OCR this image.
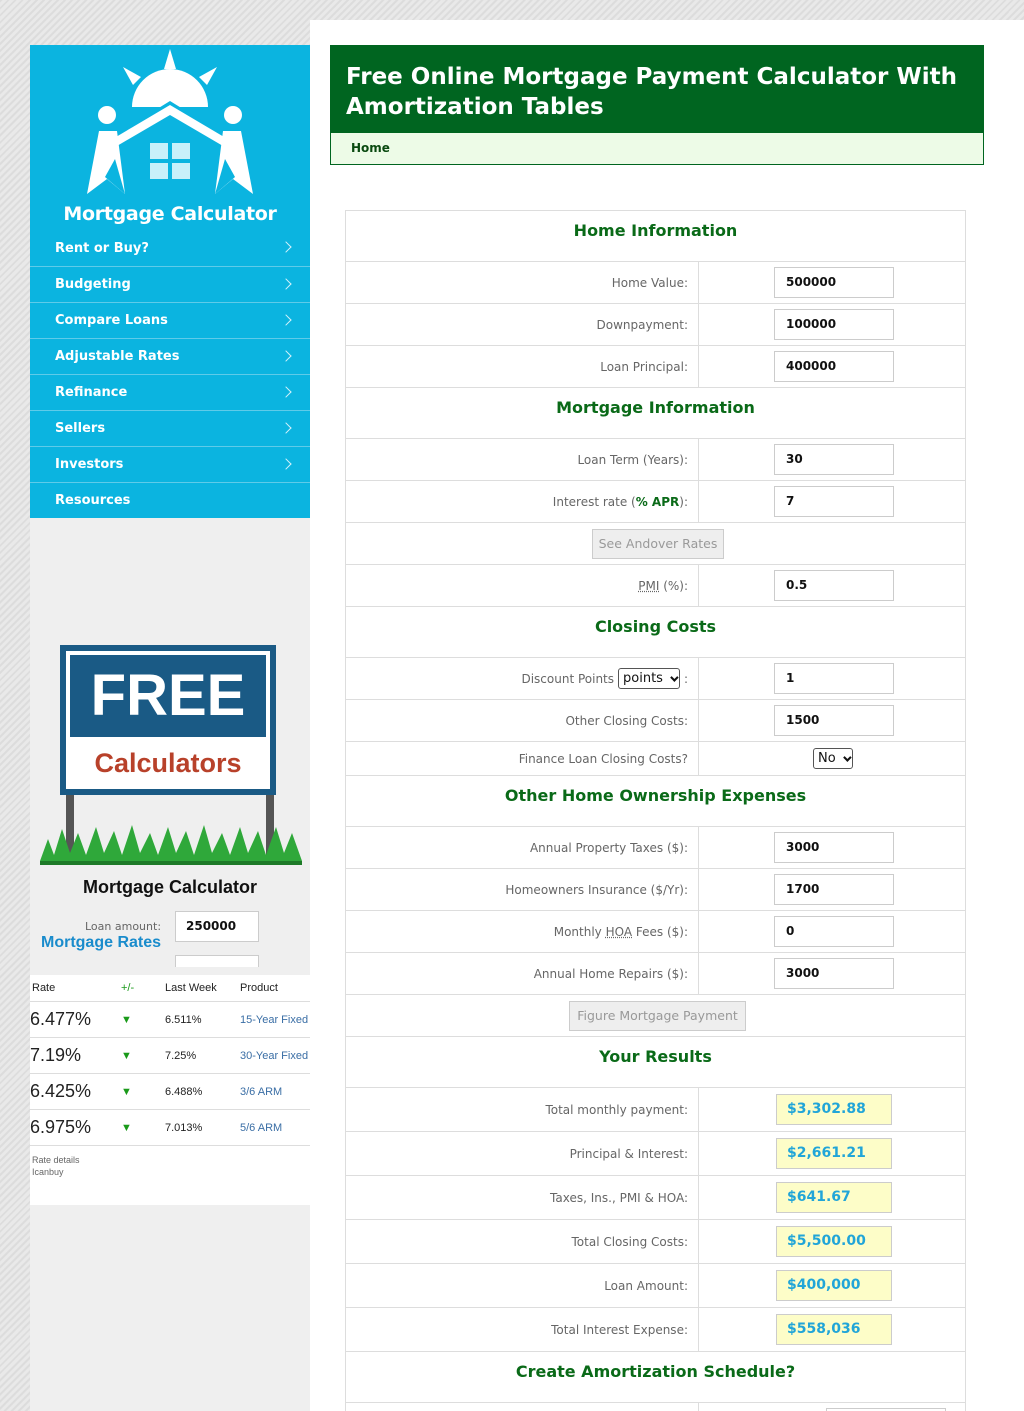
Mortgage Calculator
Rent or Buy?
Budgeting
Compare Loans
Adjustable Rates
Refinance
Sellers
Investors
Resources
FREE
Calculators
Mortgage Calculator
Loan amount:	250000
Mortgage Rates
Rate	+/-	Last Week	Product
6.477%	▼	6.511%	15-Year Fixed
7.19%	▼	7.25%	30-Year Fixed
6.425%	▼	6.488%	3/6 ARM
6.975%	▼	7.013%	5/6 ARM
Rate details
Icanbuy
Free Online Mortgage Payment Calculator With Amortization Tables
Home
Home Information
Home Value:	500000
Downpayment:	100000
Loan Principal:	400000
Mortgage Information
Loan Term (Years):	30
Interest rate ( % APR ):	7
See Andover Rates
PMI (%):	0.5
Closing Costs
Discount Points points :	1
Other Closing Costs:	1500
Finance Loan Closing Costs?	No
Other Home Ownership Expenses
Annual Property Taxes ($):	3000
Homeowners Insurance ($/Yr):	1700
Monthly HOA Fees ($):	0
Annual Home Repairs ($):	3000
Figure Mortgage Payment
Your Results
Total monthly payment:	$3,302.88
Principal & Interest:	$2,661.21
Taxes, Ins., PMI & HOA:	$641.67
Total Closing Costs:	$5,500.00
Loan Amount:	$400,000
Total Interest Expense:	$558,036
Create Amortization Schedule?
